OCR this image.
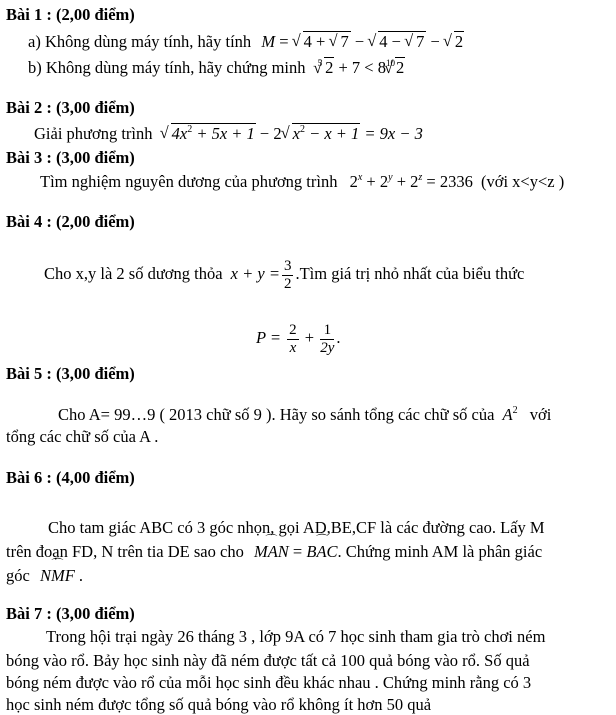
Bài 1 : (2,00 điểm)
a) Không dùng máy tính, hãy tính M = √ 4 + √ 7 − √ 4 − √ 7 − √ 2
b) Không dùng máy tính, hãy chứng minh $^5$√ $2 + 7 < 8^{10}√$ 2
Bài 2 : (3,00 điểm)
Giải phương trình √ $4x^2 + 5x + 1 - 2√$ $x^2 - x + 1 = 9x - 3$
Bài 3 : (3,00 điểm)
Tìm nghiệm nguyên dương của phương trình $2^x + 2^y + 2^z = 2336$ (với x<y<z )
Bài 4 : (2,00 điểm)
Cho x,y là 2 số dương thỏa $x + y = \frac{3}{2}$ .Tìm giá trị nhỏ nhất của biểu thức
$P = \frac{2}{x} + \frac{1}{2y}$ .
Bài 5 : (3,00 điểm)
Cho A= 99…9 ( 2013 chữ số 9 ). Hãy so sánh tổng các chữ số của $A^2$ với
tổng các chữ số của A .
Bài 6 : (4,00 điểm)
Cho tam giác ABC có 3 góc nhọn, gọi AD,BE,CF là các đường cao. Lấy M
trên đoạn FD, N trên tia DE sao cho ⌒ MAN = ⌒ BAC. Chứng minh AM là phân giác
góc ⌒ NMF .
Bài 7 : (3,00 điểm)
Trong hội trại ngày 26 tháng 3 , lớp 9A có 7 học sinh tham gia trò chơi ném
bóng vào rổ. Bảy học sinh này đã ném được tất cả 100 quả bóng vào rổ. Số quả
bóng ném được vào rổ của mỗi học sinh đều khác nhau . Chứng minh rằng có 3
học sinh ném được tổng số quả bóng vào rổ không ít hơn 50 quả
